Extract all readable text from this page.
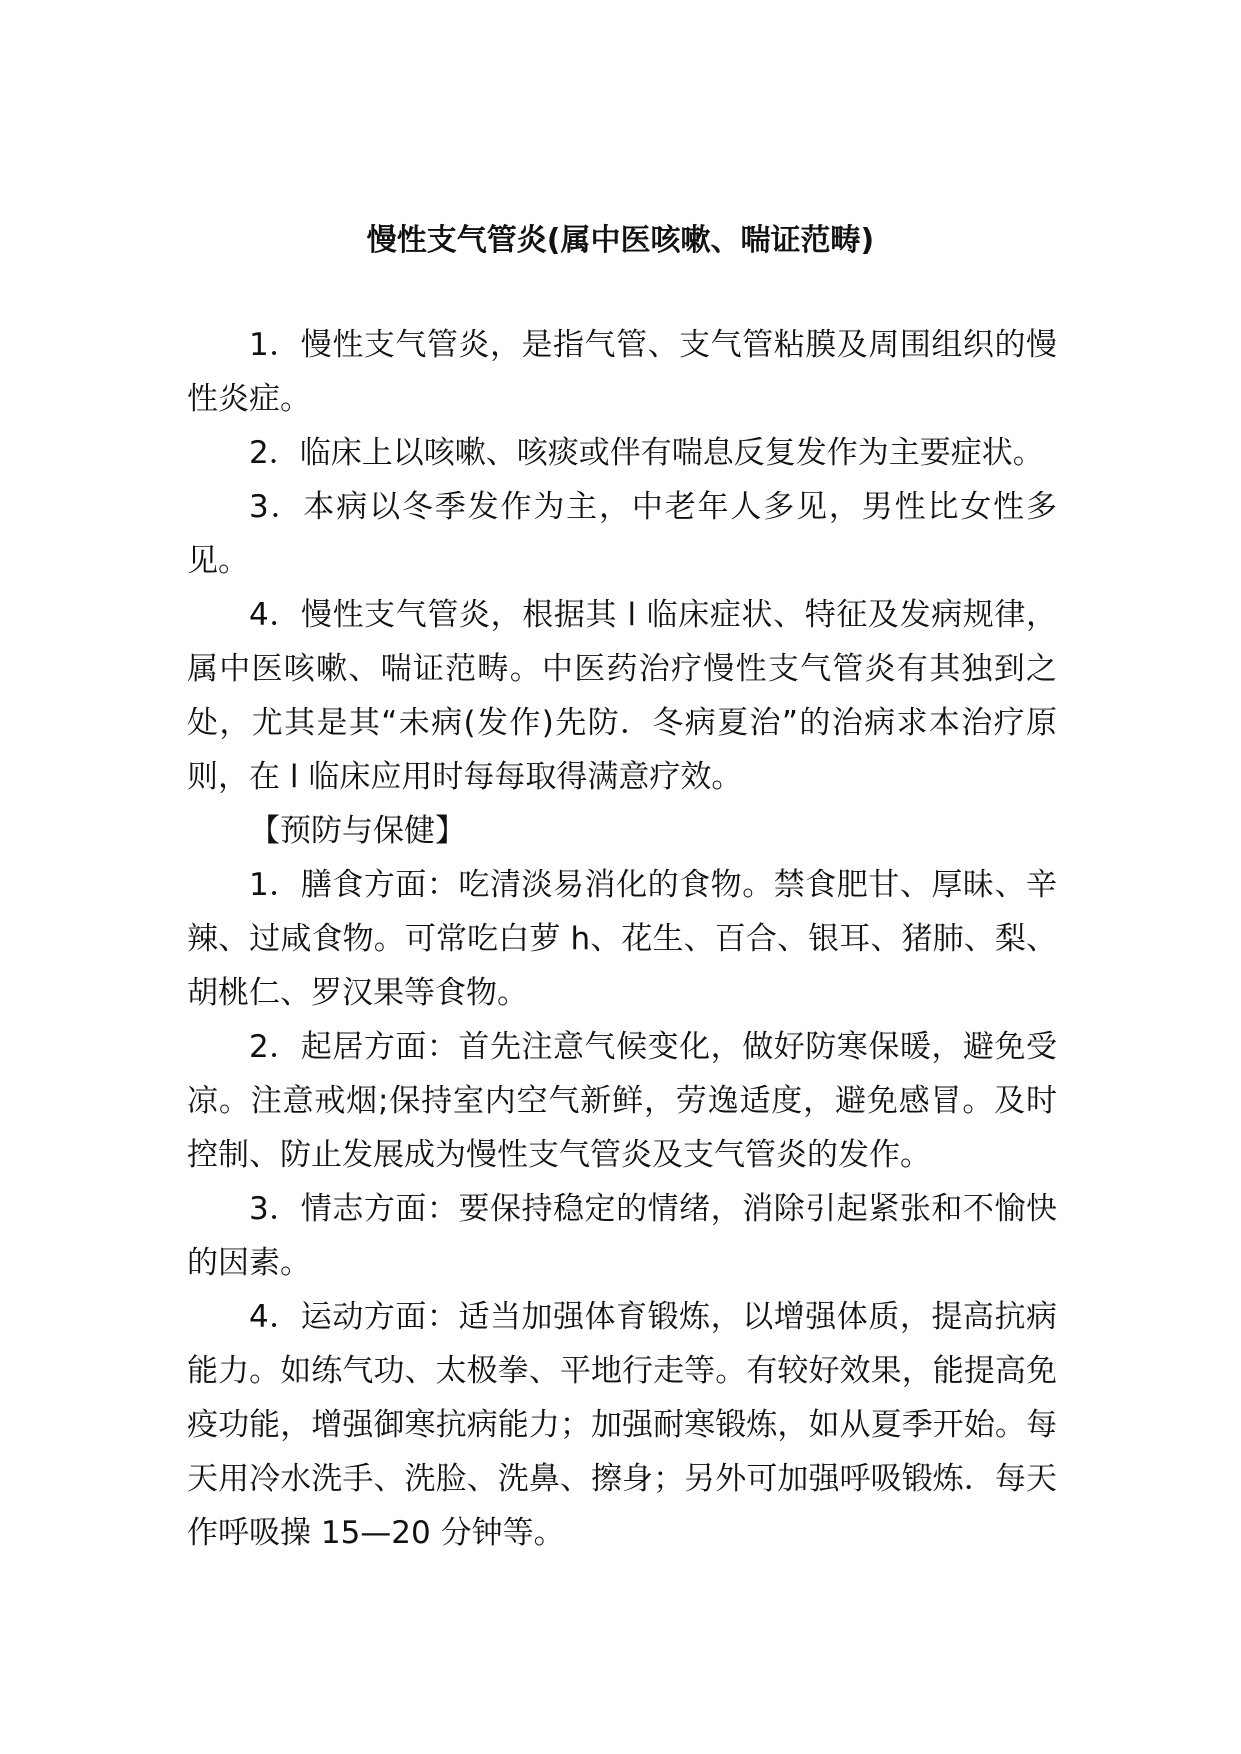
慢性支气管炎(属中医咳嗽、喘证范畴)

1．慢性支气管炎，是指气管、支气管粘膜及周围组织的慢性炎症。

2．临床上以咳嗽、咳痰或伴有喘息反复发作为主要症状。

3．本病以冬季发作为主，中老年人多见，男性比女性多见。

4．慢性支气管炎，根据其 l 临床症状、特征及发病规律，属中医咳嗽、喘证范畴。中医药治疗慢性支气管炎有其独到之处，尤其是其“未病(发作)先防．冬病夏治”的治病求本治疗原则，在 l 临床应用时每每取得满意疗效。

【预防与保健】

1．膳食方面：吃清淡易消化的食物。禁食肥甘、厚昧、辛辣、过咸食物。可常吃白萝 h、花生、百合、银耳、猪肺、梨、胡桃仁、罗汉果等食物。

2．起居方面：首先注意气候变化，做好防寒保暖，避免受凉。注意戒烟;保持室内空气新鲜，劳逸适度，避免感冒。及时控制、防止发展成为慢性支气管炎及支气管炎的发作。

3．情志方面：要保持稳定的情绪，消除引起紧张和不愉快的因素。

4．运动方面：适当加强体育锻炼，以增强体质，提高抗病能力。如练气功、太极拳、平地行走等。有较好效果，能提高免疫功能，增强御寒抗病能力；加强耐寒锻炼，如从夏季开始。每天用冷水洗手、洗脸、洗鼻、擦身；另外可加强呼吸锻炼．每天作呼吸操 15—20 分钟等。
